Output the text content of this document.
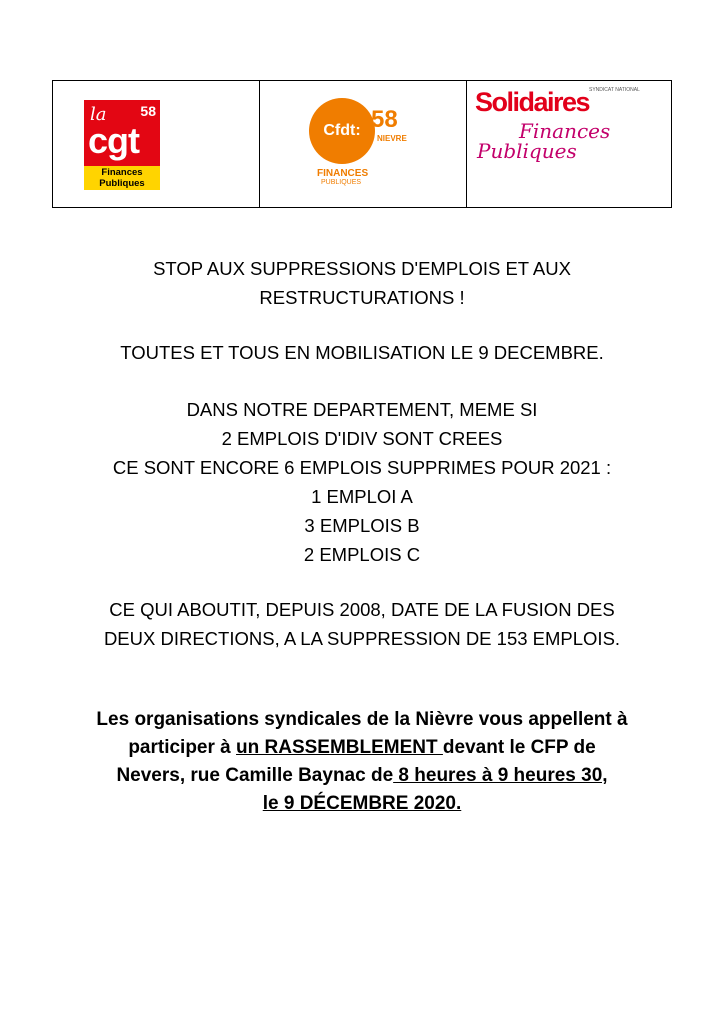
la 58
cgt
Finances
Publiques
Cfdt: 58
NIEVRE
FINANCES
PUBLIQUES
Solidaires SYNDICAT NATIONAL
Finances
Publiques
STOP AUX SUPPRESSIONS D'EMPLOIS ET AUX
RESTRUCTURATIONS !
TOUTES ET TOUS EN MOBILISATION LE 9 DECEMBRE.
DANS NOTRE DEPARTEMENT, MEME SI
2 EMPLOIS D'IDIV SONT CREES
CE SONT ENCORE 6 EMPLOIS SUPPRIMES POUR 2021 :
1 EMPLOI A
3 EMPLOIS B
2 EMPLOIS C
CE QUI ABOUTIT, DEPUIS 2008, DATE DE LA FUSION DES
DEUX DIRECTIONS, A LA SUPPRESSION DE 153 EMPLOIS.
Les organisations syndicales de la Nièvre vous appellent à
participer à un RASSEMBLEMENT devant le CFP de
Nevers, rue Camille Baynac de 8 heures à 9 heures 30,
le 9 DÉCEMBRE 2020.
